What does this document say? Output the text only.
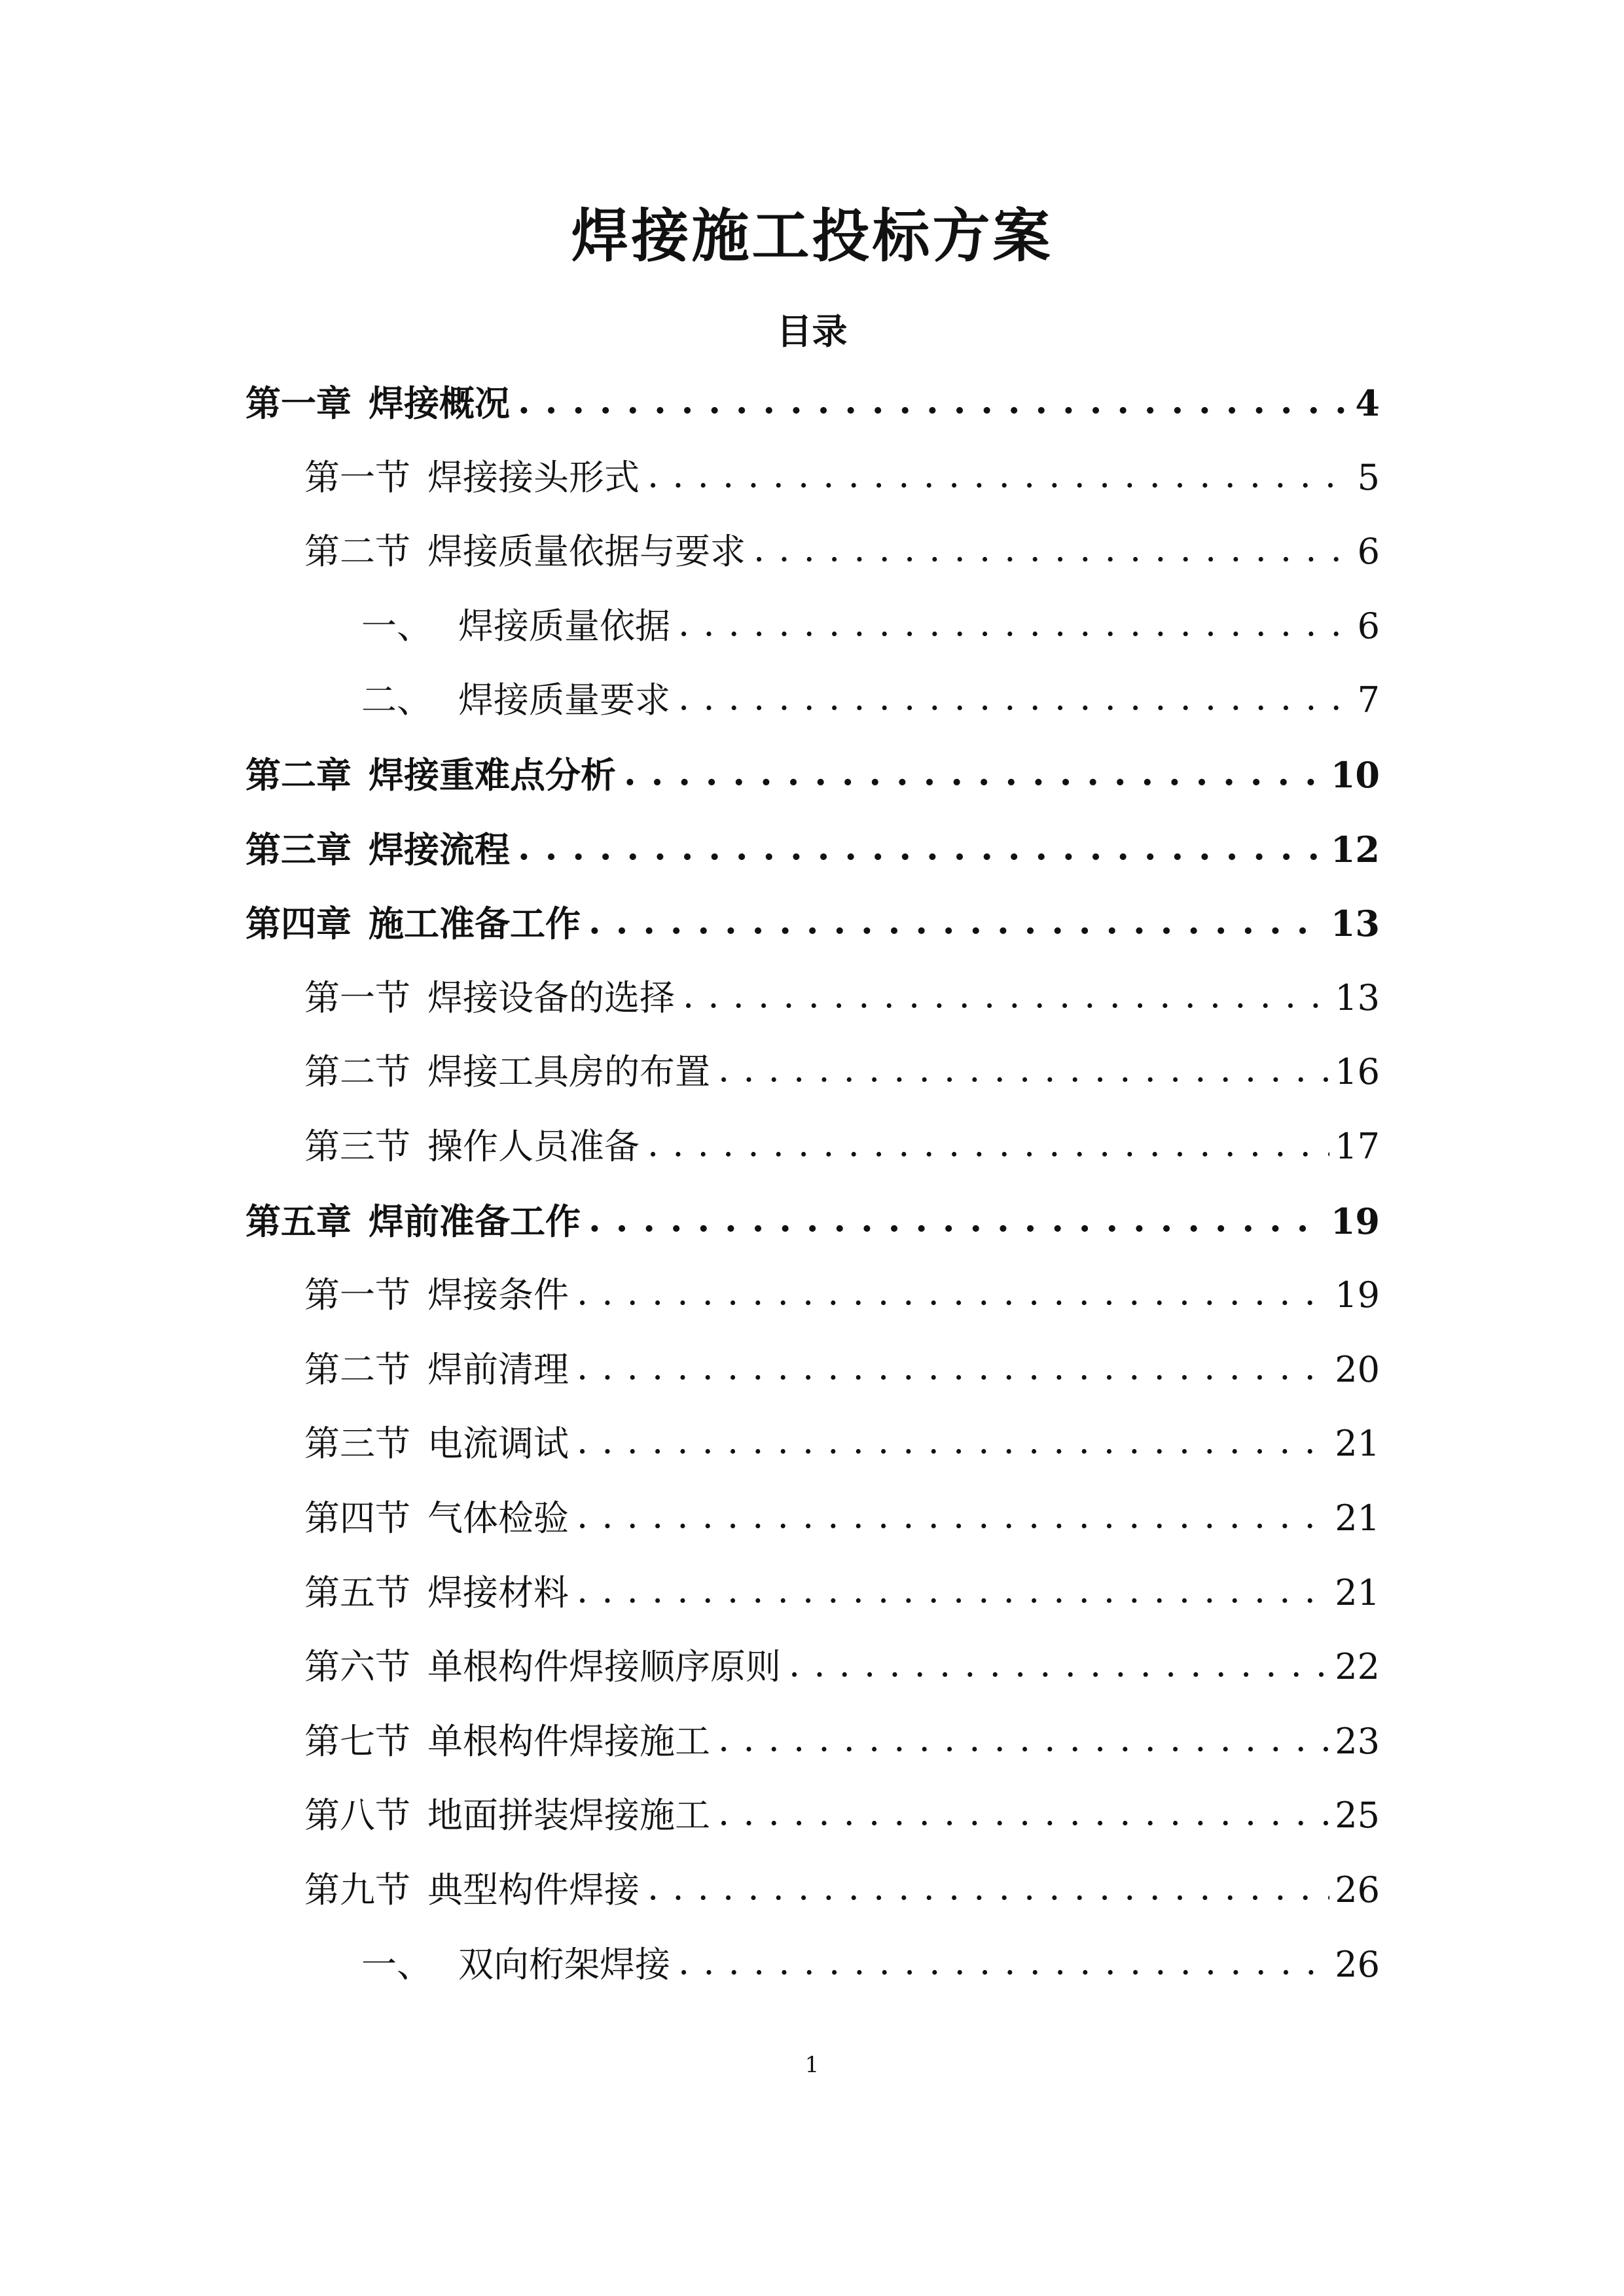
焊接施工投标方案
目录
第一章 焊接概况 . . .	4
第一节 焊接接头形式 . . .	5
第二节 焊接质量依据与要求 . . .	6
一、 焊接质量依据 . . .	6
二、 焊接质量要求 . . .	7
第二章 焊接重难点分析 . . .	10
第三章 焊接流程 . . .	12
第四章 施工准备工作 . . .	13
第一节 焊接设备的选择 . . .	13
第二节 焊接工具房的布置 . . .	16
第三节 操作人员准备 . . .	17
第五章 焊前准备工作 . . .	19
第一节 焊接条件 . . .	19
第二节 焊前清理 . . .	20
第三节 电流调试 . . .	21
第四节 气体检验 . . .	21
第五节 焊接材料 . . .	21
第六节 单根构件焊接顺序原则 . . .	22
第七节 单根构件焊接施工 . . .	23
第八节 地面拼装焊接施工 . . .	25
第九节 典型构件焊接 . . .	26
一、 双向桁架焊接 . . .	26
1
